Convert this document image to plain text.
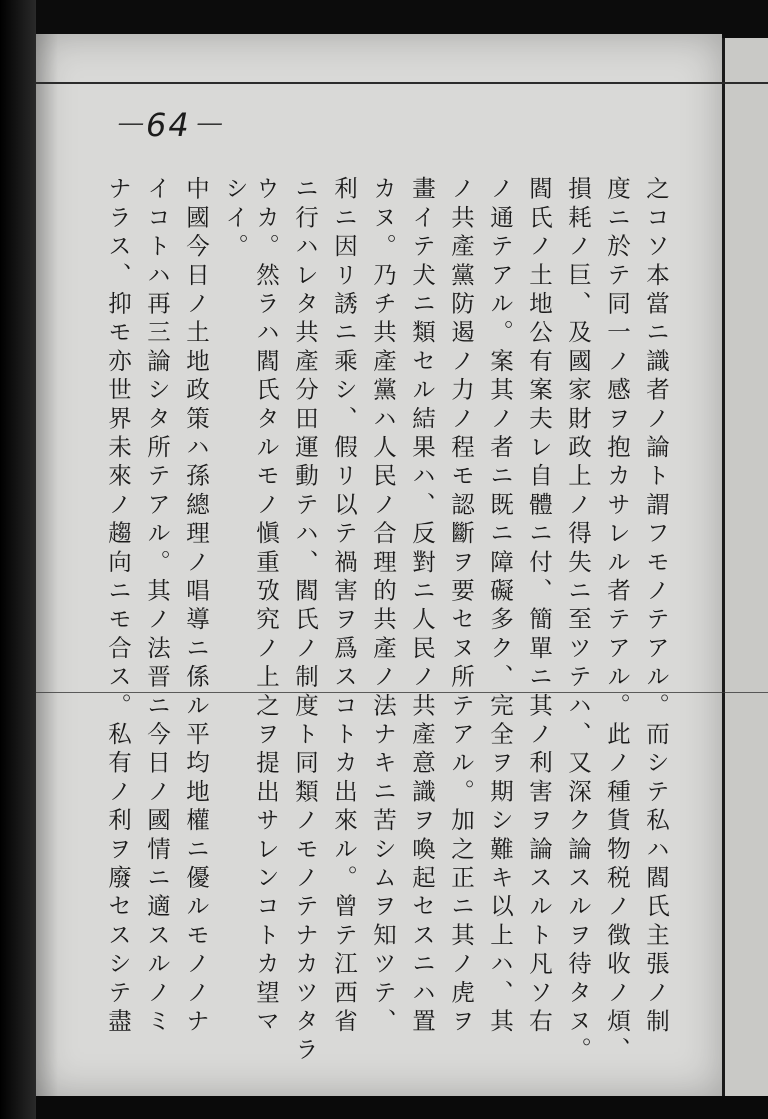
－64－
之コソ本當ニ識者ノ論ト謂フモノテアル。而シテ私ハ閻氏主張ノ制
度ニ於テ同一ノ感ヲ抱カサレル者テアル。此ノ種貨物税ノ徴收ノ煩、
損耗ノ巨、及國家財政上ノ得失ニ至ツテハ、又深ク論スルヲ待タヌ。
閻氏ノ土地公有案夫レ自體ニ付、簡單ニ其ノ利害ヲ論スルト凡ソ右
ノ通テアル。案其ノ者ニ既ニ障礙多ク、完全ヲ期シ難キ以上ハ、其
ノ共產黨防遏ノ力ノ程モ認斷ヲ要セヌ所テアル。加之正ニ其ノ虎ヲ
畫イテ犬ニ類セル結果ハ、反對ニ人民ノ共產意識ヲ喚起セスニハ置
カヌ。乃チ共產黨ハ人民ノ合理的共產ノ法ナキニ苦シムヲ知ツテ、
利ニ因リ誘ニ乘シ、假リ以テ禍害ヲ爲スコトカ出來ル。曾テ江西省
ニ行ハレタ共產分田運動テハ、閻氏ノ制度ト同類ノモノテナカツタラ
ウカ。然ラハ閻氏タルモノ愼重攷究ノ上之ヲ提出サレンコトカ望マ
シイ。
中國今日ノ土地政策ハ孫總理ノ唱導ニ係ル平均地權ニ優ルモノノナ
イコトハ再三論シタ所テアル。其ノ法晋ニ今日ノ國情ニ適スルノミ
ナラス、抑モ亦世界未來ノ趨向ニモ合ス。私有ノ利ヲ廢セスシテ盡
